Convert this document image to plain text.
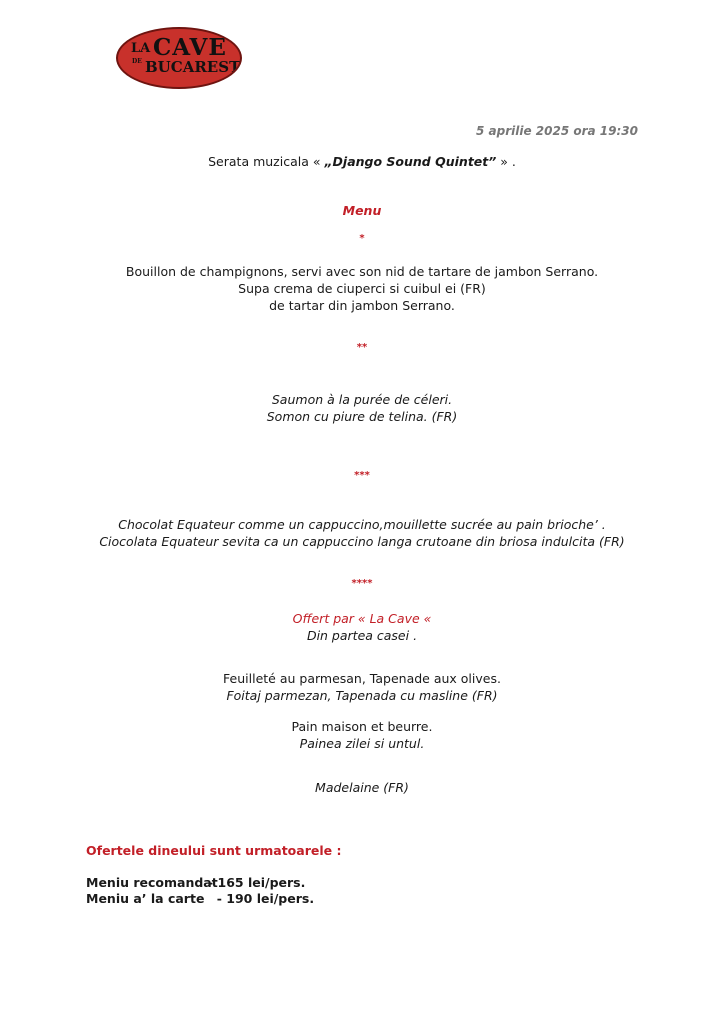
LA CAVE
DE BUCAREST
5 aprilie 2025 ora 19:30
Serata muzicala « „Django Sound Quintet” » .
Menu
*
Bouillon de champignons, servi avec son nid de tartare de jambon Serrano.
Supa crema de ciuperci si cuibul ei (FR)
de tartar din jambon Serrano.
**
Saumon à la purée de céleri.
Somon cu piure de telina. (FR)
***
Chocolat Equateur comme un cappuccino,mouillette sucrée au pain brioche’ .
Ciocolata Equateur sevita ca un cappuccino langa crutoane din briosa indulcita (FR)
****
Offert par « La Cave «
Din partea casei .
Feuilleté au parmesan, Tapenade aux olives.
Foitaj parmezan, Tapenada cu masline (FR)
Pain maison et beurre.
Painea zilei si untul.
Madelaine (FR)
Ofertele dineului sunt urmatoarele :
Meniu recomandat
- 165 lei/pers.
Meniu a’ la carte - 190 lei/pers.
